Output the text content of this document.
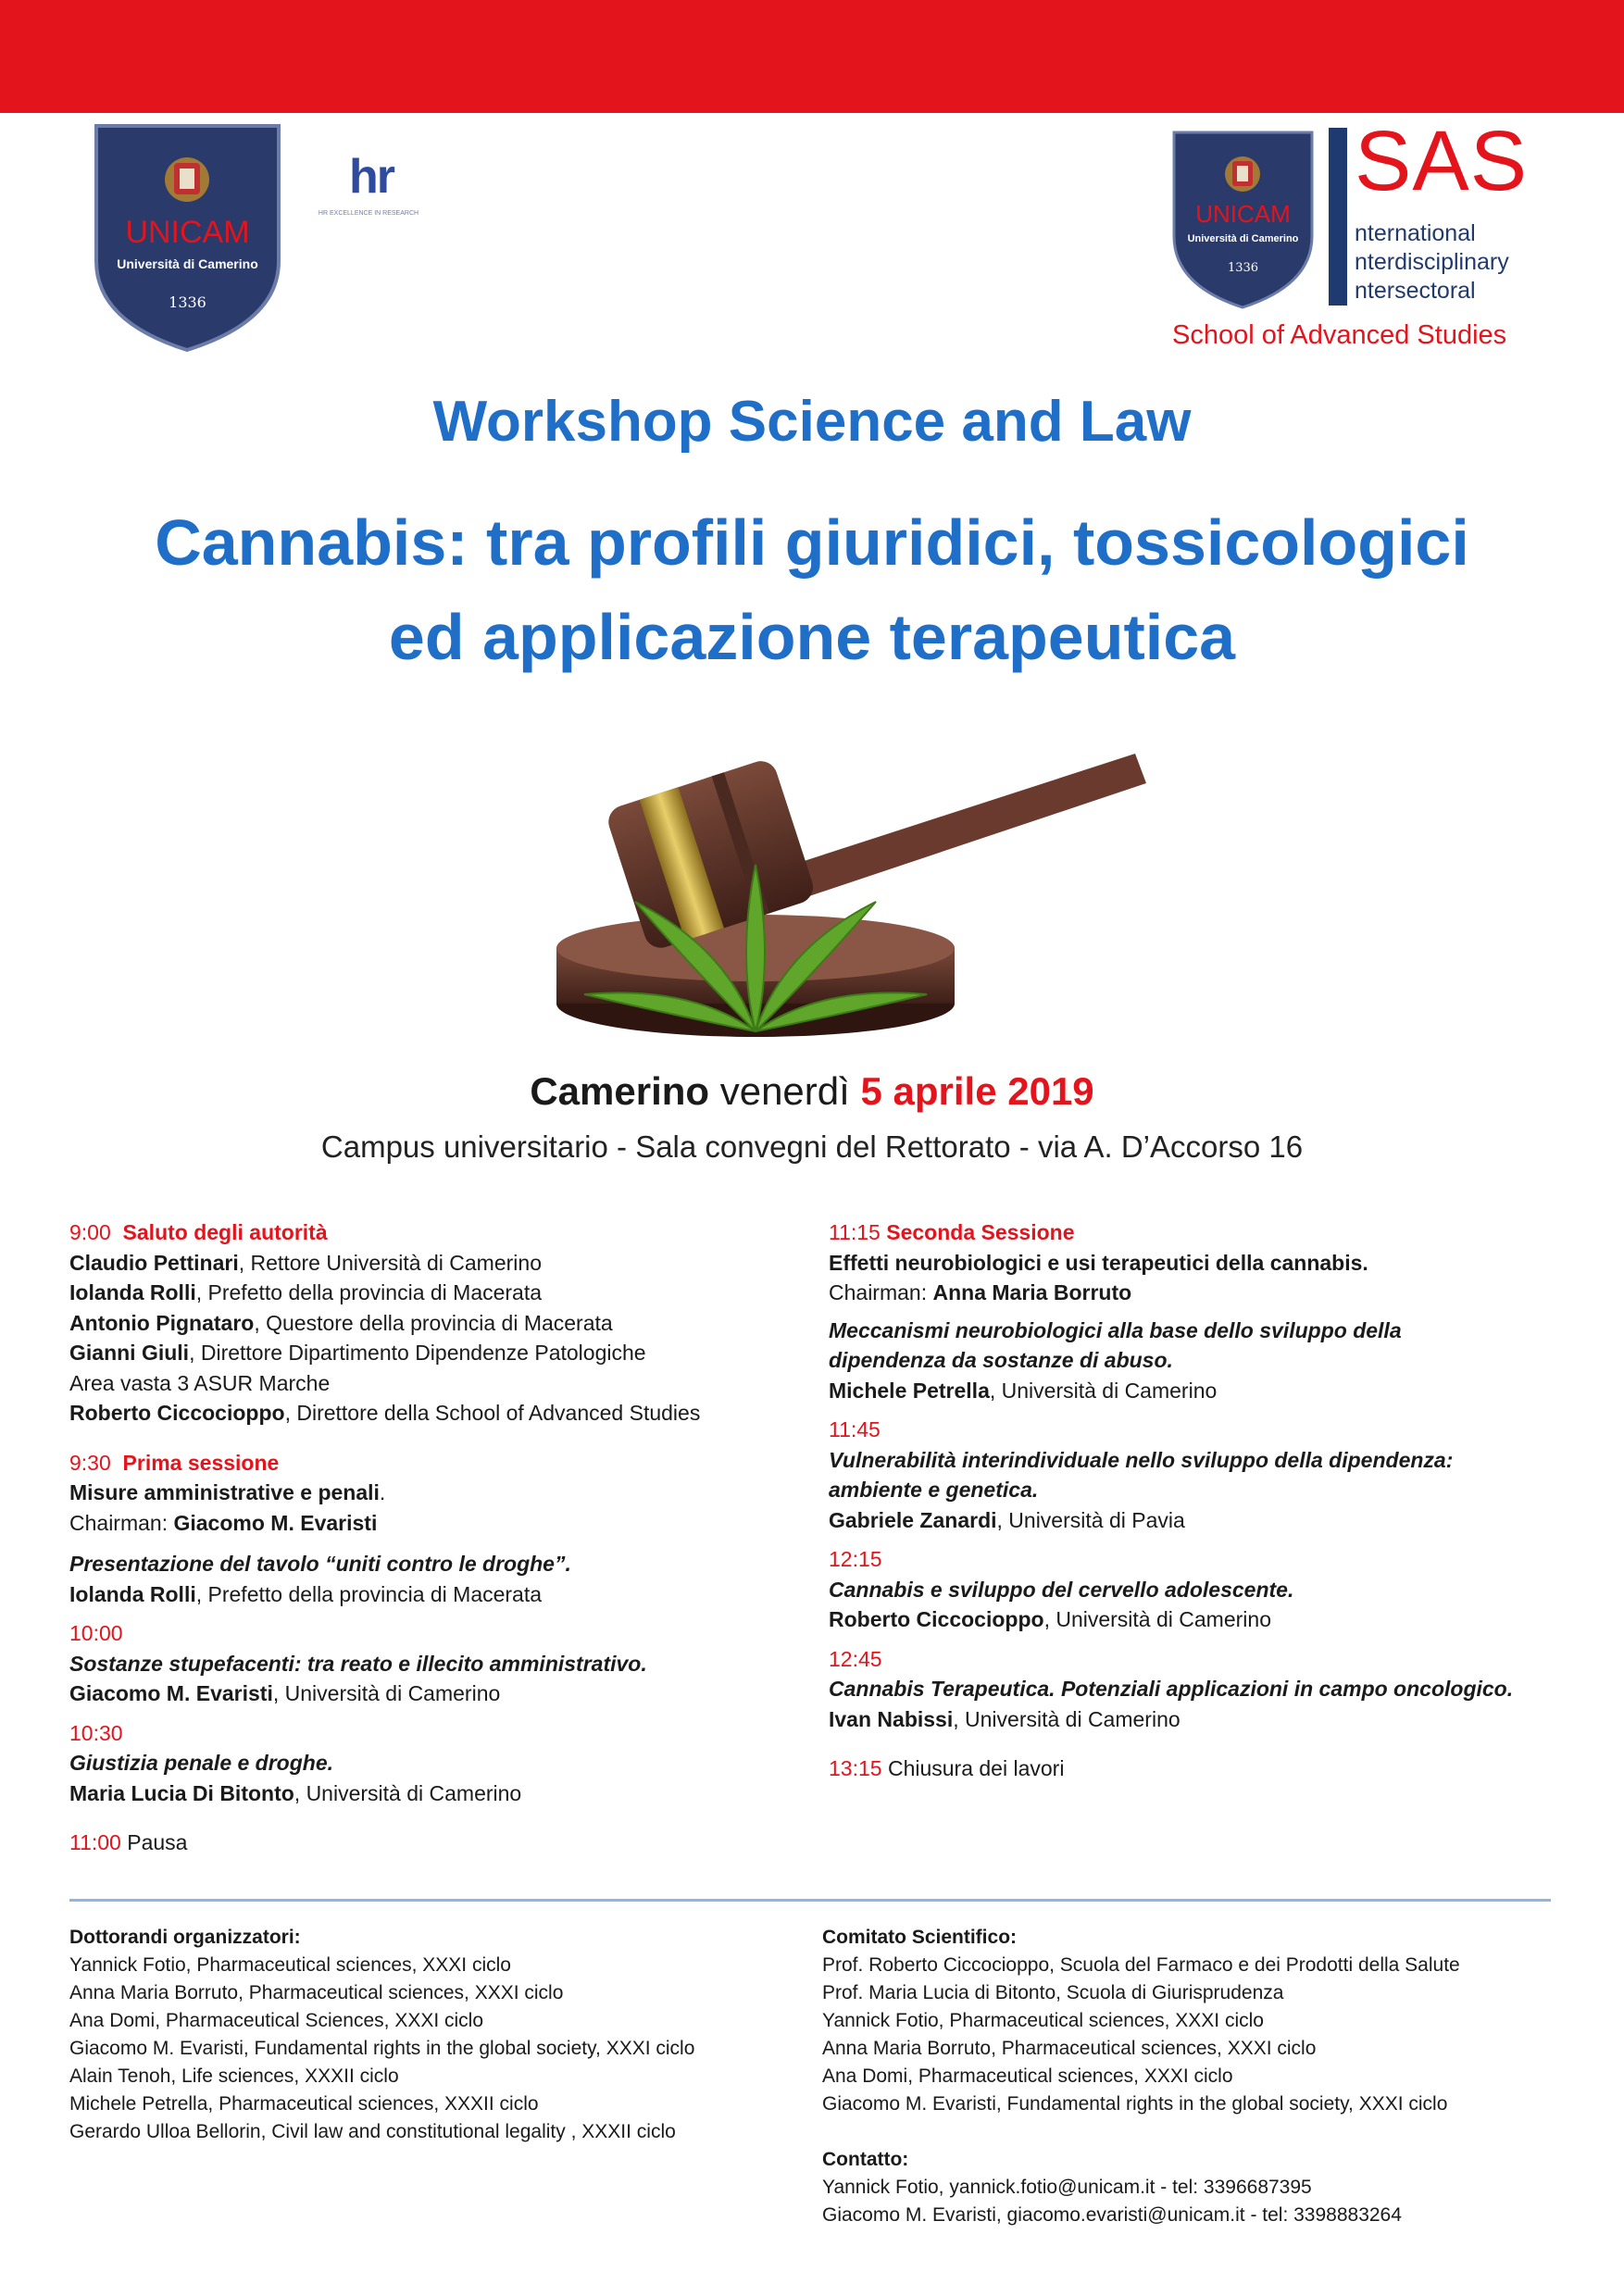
UNICAM
Università di Camerino
1336
hr
HR EXCELLENCE IN RESEARCH	UNICAM
Università di Camerino
1336
SAS
nternational
nterdisciplinary
ntersectoral
School of Advanced Studies
Workshop Science and Law
Cannabis: tra profili giuridici, tossicologici
ed applicazione terapeutica
Camerino venerdì 5 aprile 2019
Campus universitario - Sala convegni del Rettorato - via A. D’Accorso 16
9:00 Saluto degli autorità
Claudio Pettinari, Rettore Università di Camerino
Iolanda Rolli, Prefetto della provincia di Macerata
Antonio Pignataro, Questore della provincia di Macerata
Gianni Giuli, Direttore Dipartimento Dipendenze Patologiche
Area vasta 3 ASUR Marche
Roberto Ciccocioppo, Direttore della School of Advanced Studies
9:30 Prima sessione
Misure amministrative e penali.
Chairman: Giacomo M. Evaristi
Presentazione del tavolo “uniti contro le droghe”.
Iolanda Rolli, Prefetto della provincia di Macerata
10:00
Sostanze stupefacenti: tra reato e illecito amministrativo.
Giacomo M. Evaristi, Università di Camerino
10:30
Giustizia penale e droghe.
Maria Lucia Di Bitonto, Università di Camerino
11:00 Pausa
11:15 Seconda Sessione
Effetti neurobiologici e usi terapeutici della cannabis.
Chairman: Anna Maria Borruto
Meccanismi neurobiologici alla base dello sviluppo della
dipendenza da sostanze di abuso.
Michele Petrella, Università di Camerino
11:45
Vulnerabilità interindividuale nello sviluppo della dipendenza:
ambiente e genetica.
Gabriele Zanardi, Università di Pavia
12:15
Cannabis e sviluppo del cervello adolescente.
Roberto Ciccocioppo, Università di Camerino
12:45
Cannabis Terapeutica. Potenziali applicazioni in campo oncologico.
Ivan Nabissi, Università di Camerino
13:15 Chiusura dei lavori
Dottorandi organizzatori:
Yannick Fotio, Pharmaceutical sciences, XXXI ciclo
Anna Maria Borruto, Pharmaceutical sciences, XXXI ciclo
Ana Domi, Pharmaceutical Sciences, XXXI ciclo
Giacomo M. Evaristi, Fundamental rights in the global society, XXXI ciclo
Alain Tenoh, Life sciences, XXXII ciclo
Michele Petrella, Pharmaceutical sciences, XXXII ciclo
Gerardo Ulloa Bellorin, Civil law and constitutional legality , XXXII ciclo
Comitato Scientifico:
Prof. Roberto Ciccocioppo, Scuola del Farmaco e dei Prodotti della Salute
Prof. Maria Lucia di Bitonto, Scuola di Giurisprudenza
Yannick Fotio, Pharmaceutical sciences, XXXI ciclo
Anna Maria Borruto, Pharmaceutical sciences, XXXI ciclo
Ana Domi, Pharmaceutical sciences, XXXI ciclo
Giacomo M. Evaristi, Fundamental rights in the global society, XXXI ciclo
Contatto:
Yannick Fotio, yannick.fotio@unicam.it - tel: 3396687395
Giacomo M. Evaristi, giacomo.evaristi@unicam.it - tel: 3398883264
